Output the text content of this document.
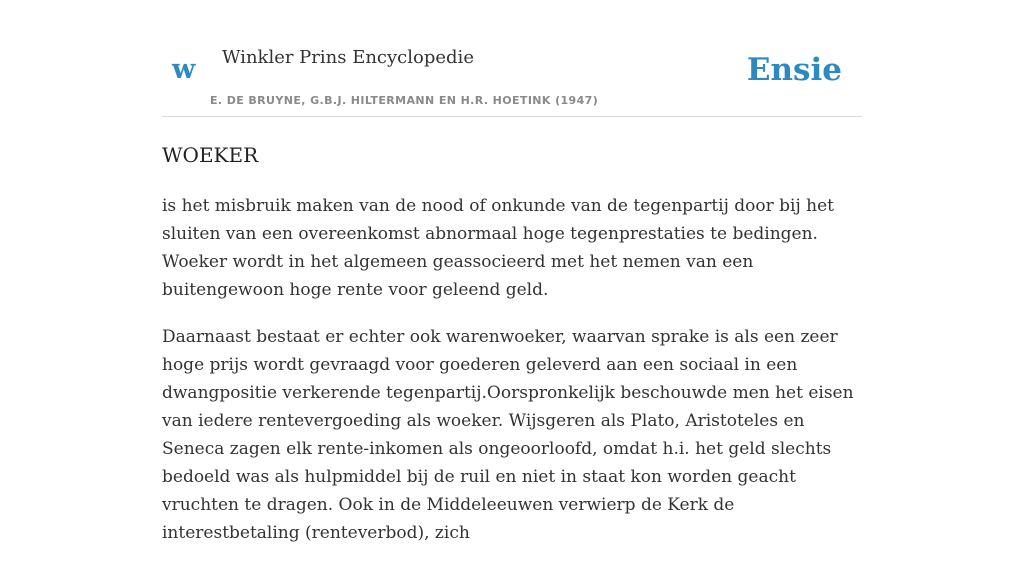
w Winkler Prins Encyclopedie	Ensie
E. DE BRUYNE, G.B.J. HILTERMANN EN H.R. HOETINK (1947)
WOEKER

is het misbruik maken van de nood of onkunde van de tegenpartij door bij het sluiten van een overeenkomst abnormaal hoge tegenprestaties te bedingen. Woeker wordt in het algemeen geassocieerd met het nemen van een buitengewoon hoge rente voor geleend geld.

Daarnaast bestaat er echter ook warenwoeker, waarvan sprake is als een zeer hoge prijs wordt gevraagd voor goederen geleverd aan een sociaal in een dwangpositie verkerende tegenpartij.Oorspronkelijk beschouwde men het eisen van iedere rentevergoeding als woeker. Wijsgeren als Plato, Aristoteles en Seneca zagen elk rente-inkomen als ongeoorloofd, omdat h.i. het geld slechts bedoeld was als hulpmiddel bij de ruil en niet in staat kon worden geacht vruchten te dragen. Ook in de Middeleeuwen verwierp de Kerk de interestbetaling (renteverbod), zich
